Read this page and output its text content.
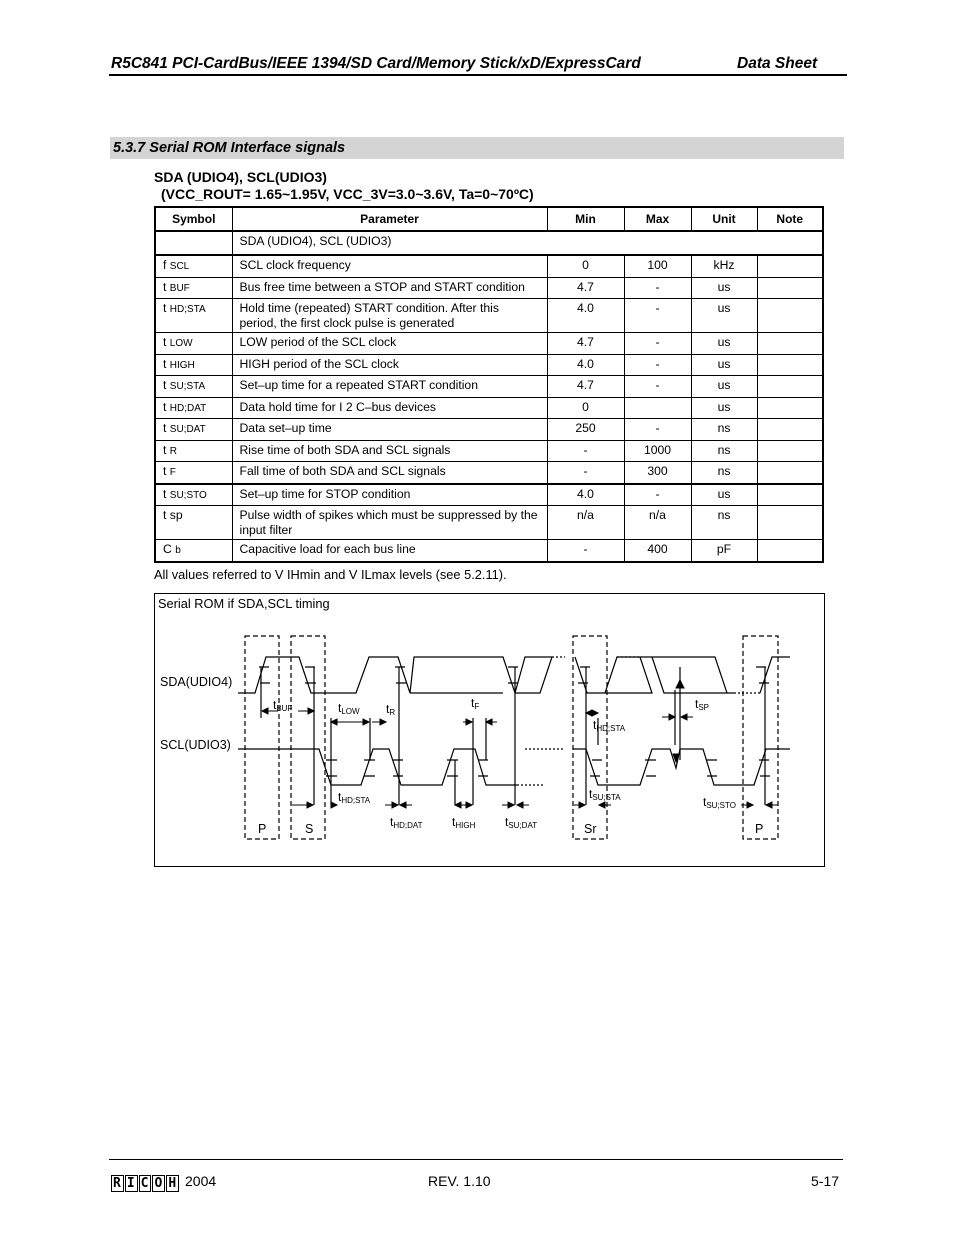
R5C841 PCI-CardBus/IEEE 1394/SD Card/Memory Stick/xD/ExpressCard	Data Sheet
5.3.7 Serial ROM Interface signals
SDA (UDIO4), SCL(UDIO3)
(VCC_ROUT= 1.65~1.95V, VCC_3V=3.0~3.6V, Ta=0~70ºC)
Symbol	Parameter	Min	Max	Unit	Note
	SDA (UDIO4), SCL (UDIO3)				
f SCL	SCL clock frequency	0	100	kHz	
t BUF	Bus free time between a STOP and START condition	4.7	-	us	
t HD;STA	Hold time (repeated) START condition. After this period, the first clock pulse is generated	4.0	-	us	
t LOW	LOW period of the SCL clock	4.7	-	us	
t HIGH	HIGH period of the SCL clock	4.0	-	us	
t SU;STA	Set–up time for a repeated START condition	4.7	-	us	
t HD;DAT	Data hold time for I 2 C–bus devices	0		us	
t SU;DAT	Data set–up time	250	-	ns	
t R	Rise time of both SDA and SCL signals	-	1000	ns	
t F	Fall time of both SDA and SCL signals	-	300	ns	
t SU;STO	Set–up time for STOP condition	4.0	-	us	
t sp	Pulse width of spikes which must be suppressed by the input filter	n/a	n/a	ns	
C b	Capacitive load for each bus line	-	400	pF	
All values referred to V IHmin and V ILmax levels (see 5.2.11).
Serial ROM if SDA,SCL timing
SDA(UDIO4)
SCL(UDIO3)
tBUF	tLOW tR
tF
tHD;STA
tSP
tHD;STA	tSU;STA	tSU;STO
tHD;DAT tHIGH tSU;DAT
P	S	Sr	P
R I C O H 2004	REV. 1.10	5-17
